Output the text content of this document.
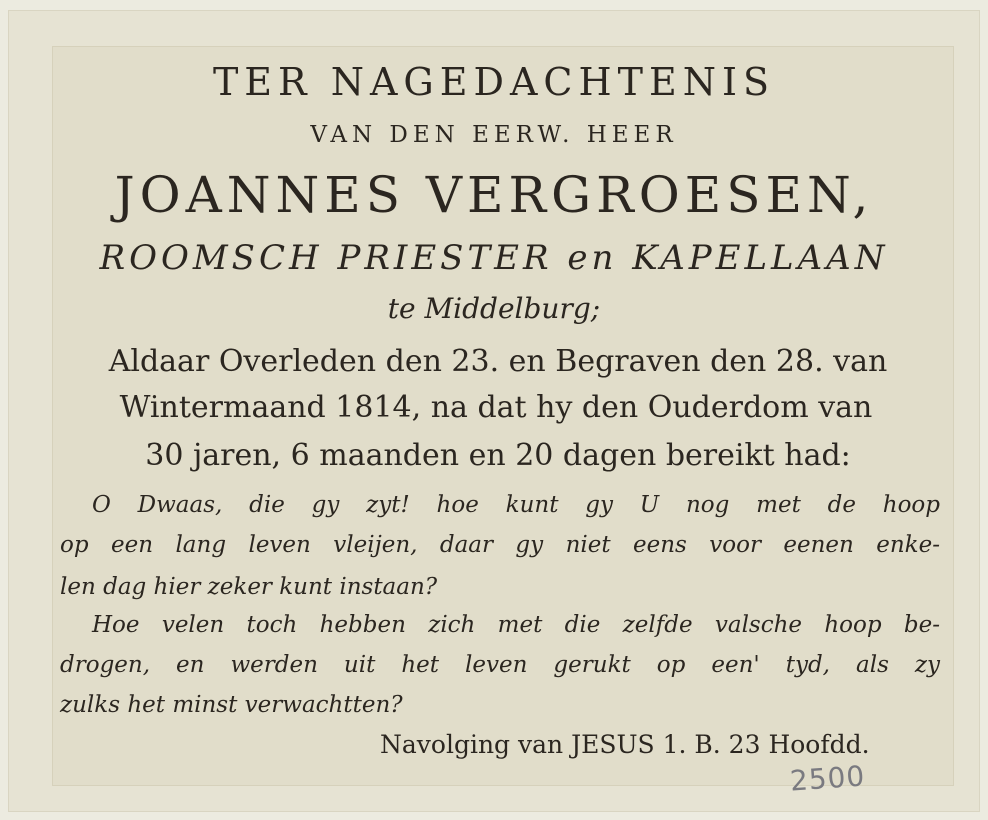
TER NAGEDACHTENIS

VAN DEN EERW. HEER

JOANNES VERGROESEN,

ROOMSCH PRIESTER en KAPELLAAN

te Middelburg;

Aldaar Overleden den 23. en Begraven den 28. van

Wintermaand 1814, na dat hy den Ouderdom van

30 jaren, 6 maanden en 20 dagen bereikt had:

O Dwaas, die gy zyt! hoe kunt gy U nog met de hoop

op een lang leven vleijen, daar gy niet eens voor eenen enke-

len dag hier zeker kunt instaan?

Hoe velen toch hebben zich met die zelfde valsche hoop be-

drogen, en werden uit het leven gerukt op een' tyd, als zy

zulks het minst verwachtten?

Navolging van JESUS 1. B. 23 Hoofdd.

2500
